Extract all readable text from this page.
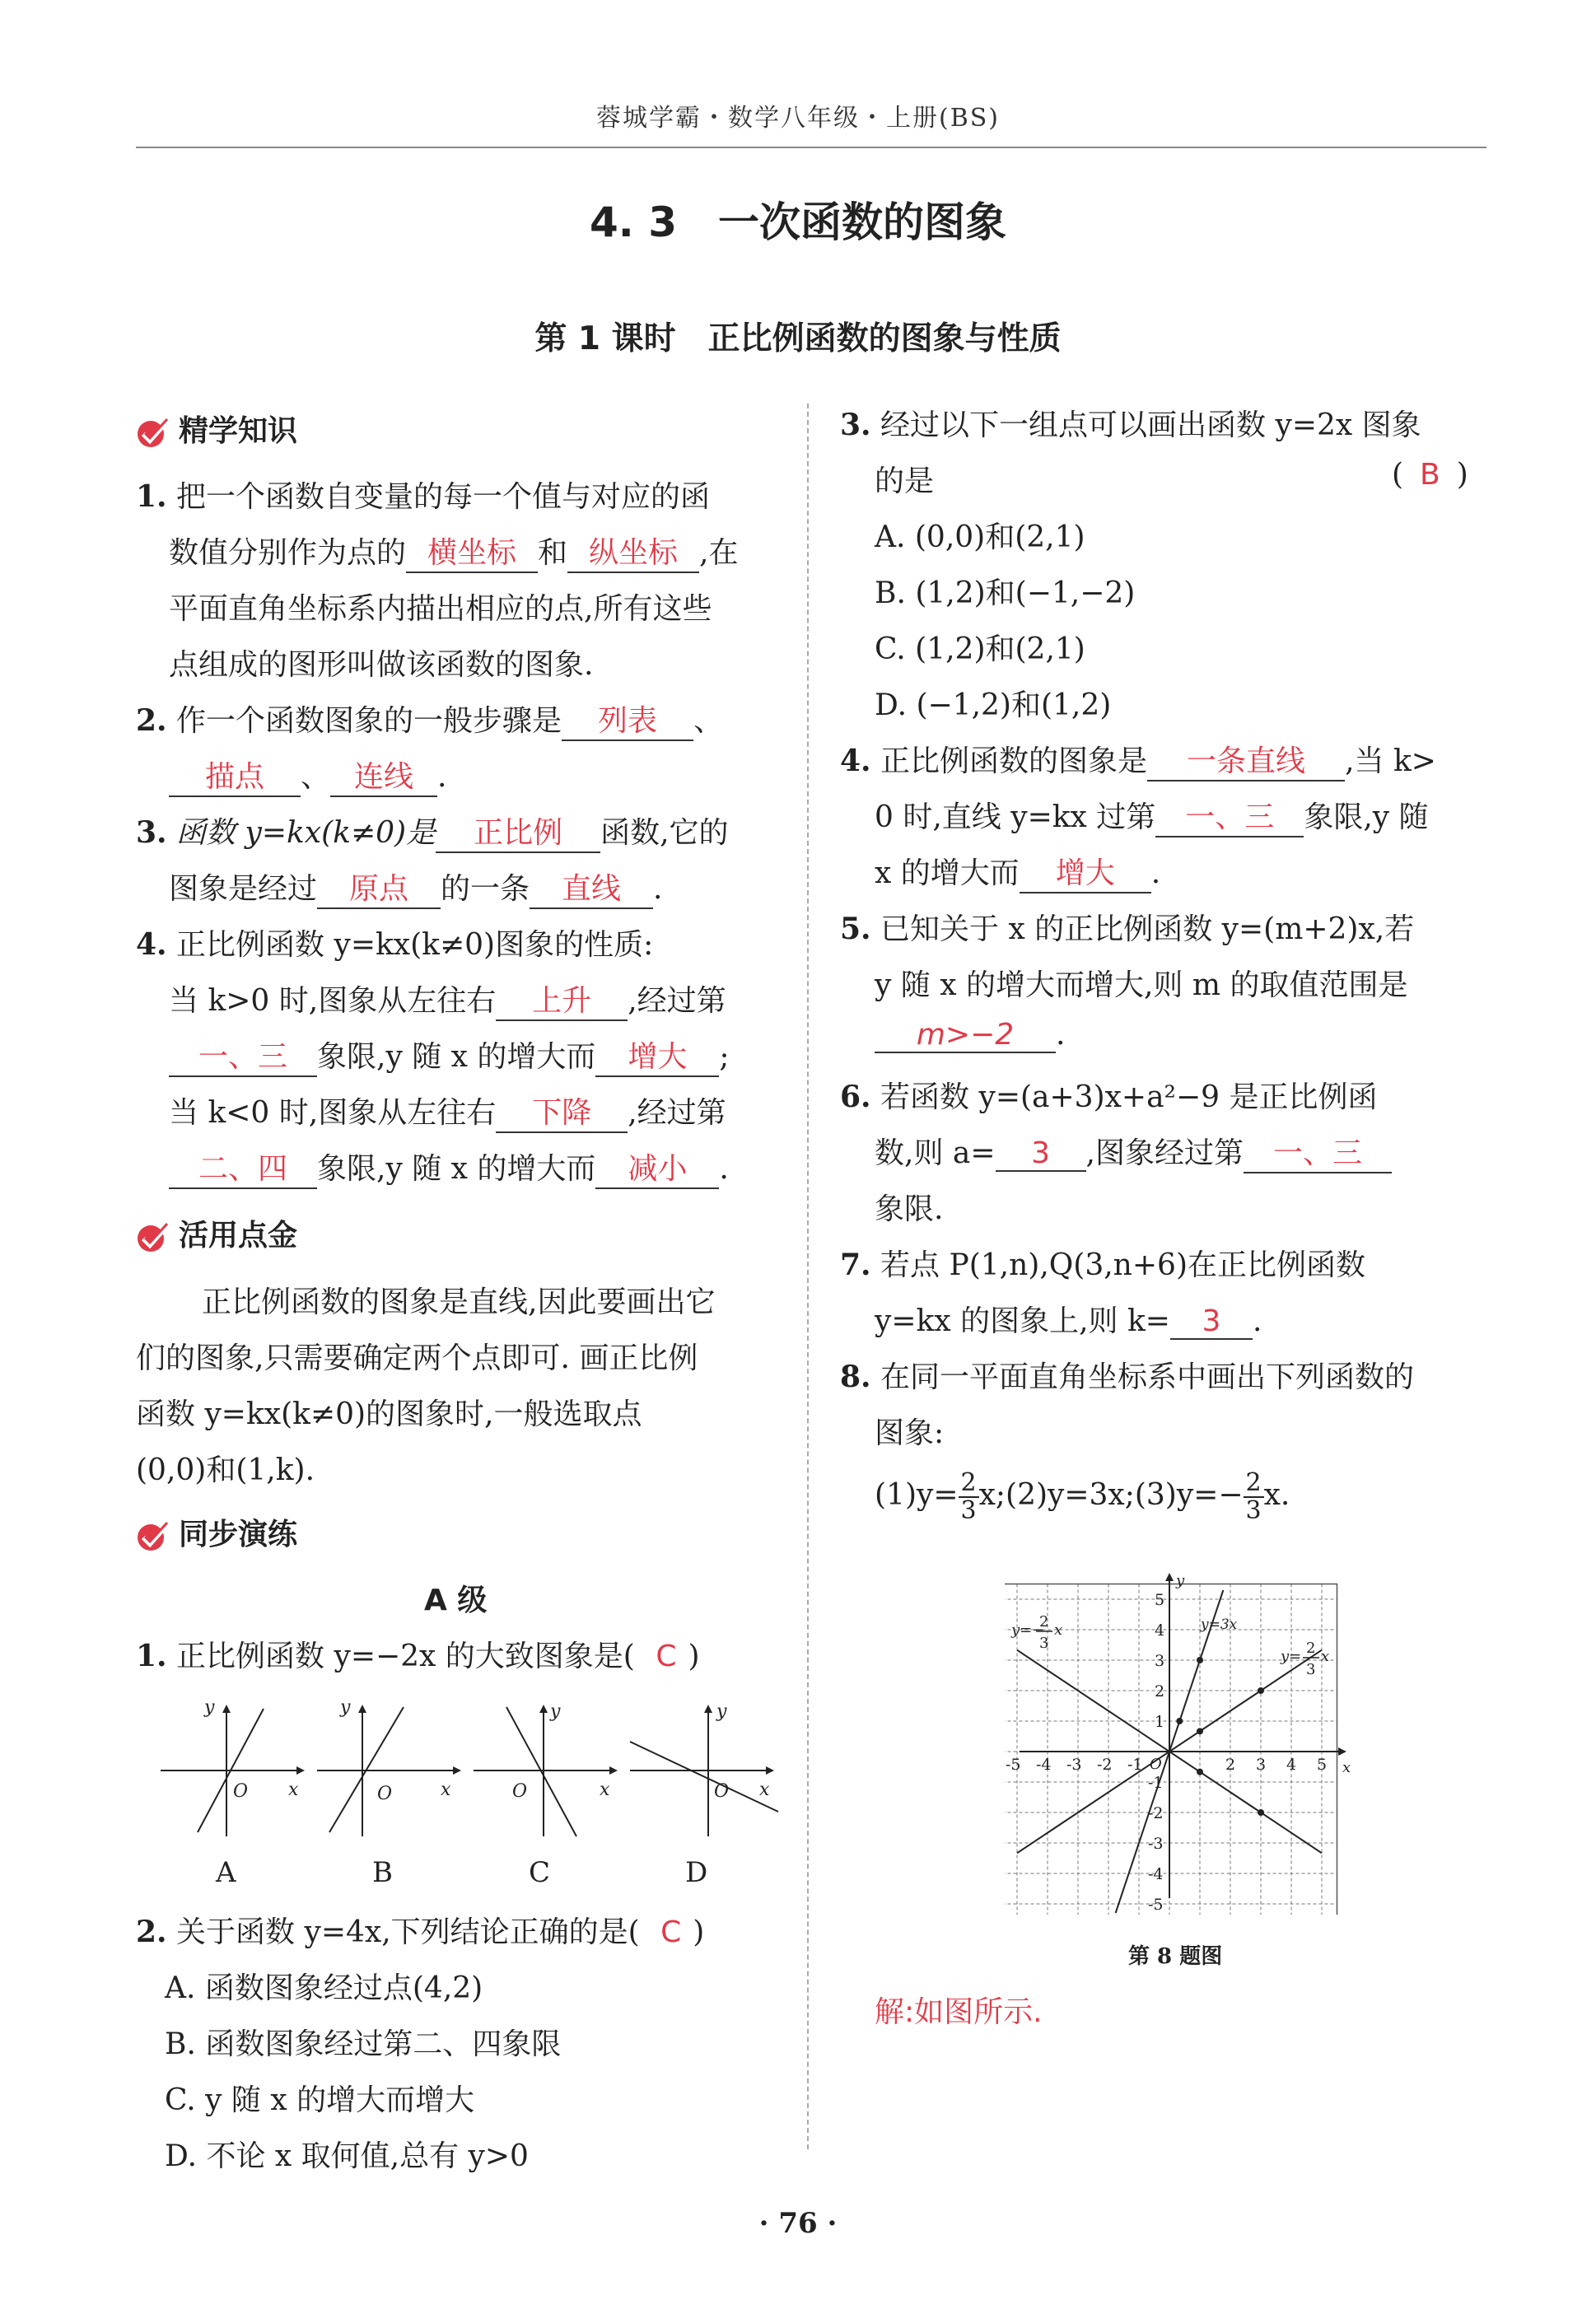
蓉城学霸・数学八年级・上册(BS)
4. 3　一次函数的图象
第 1 课时　正比例函数的图象与性质
精学知识
1. 把一个函数自变量的每一个值与对应的函
数值分别作为点的 横坐标 和 纵坐标 ,在
平面直角坐标系内描出相应的点,所有这些
点组成的图形叫做该函数的图象.
2. 作一个函数图象的一般步骤是 列表 、
描点 、 连线 .
3. 函数 y=kx(k≠0)是 正比例 函数,它的
图象是经过 原点 的一条 直线 .
4. 正比例函数 y=kx(k≠0)图象的性质:
当 k>0 时,图象从左往右 上升 ,经过第
一、三 象限,y 随 x 的增大而 增大 ;
当 k<0 时,图象从左往右 下降 ,经过第
二、四 象限,y 随 x 的增大而 减小 .
活用点金
正比例函数的图象是直线,因此要画出它
们的图象,只需要确定两个点即可. 画正比例
函数 y=kx(k≠0)的图象时,一般选取点
(0,0)和(1,k).
同步演练
A 级
1. 正比例函数 y=−2x 的大致图象是( C )
y
x
O
A
y
x
O
B
y
x
O
C
y
x
O
D
2. 关于函数 y=4x,下列结论正确的是( C )
A. 函数图象经过点(4,2)
B. 函数图象经过第二、四象限
C. y 随 x 的增大而增大
D. 不论 x 取何值,总有 y>0
3. 经过以下一组点可以画出函数 y=2x 图象
的是	( B )
A. (0,0)和(2,1)
B. (1,2)和(−1,−2)
C. (1,2)和(2,1)
D. (−1,2)和(1,2)
4. 正比例函数的图象是 一条直线 ,当 k>
0 时,直线 y=kx 过第 一、三 象限,y 随
x 的增大而 增大 .
5. 已知关于 x 的正比例函数 y=(m+2)x,若
y 随 x 的增大而增大,则 m 的取值范围是
m>−2 .
6. 若函数 y=(a+3)x+a²−9 是正比例函
数,则 a= 3 ,图象经过第 一、三
象限.
7. 若点 P(1,n),Q(3,n+6)在正比例函数
y=kx 的图象上,则 k= 3 .
8. 在同一平面直角坐标系中画出下列函数的
图象:
$(1)y= \frac{2}{3}$ x;(2)y=3x;(3)y=− $\frac{2}{3} x$.
-5 -4 -3 -2 -1	2 3 4 5
5
4
3
2
1
-1
-2
-3
-4
-5
x
y
O
y=3x
y=−
2
3
x
y= 2
3
x
第 8 题图
解:如图所示.
· 76 ·
